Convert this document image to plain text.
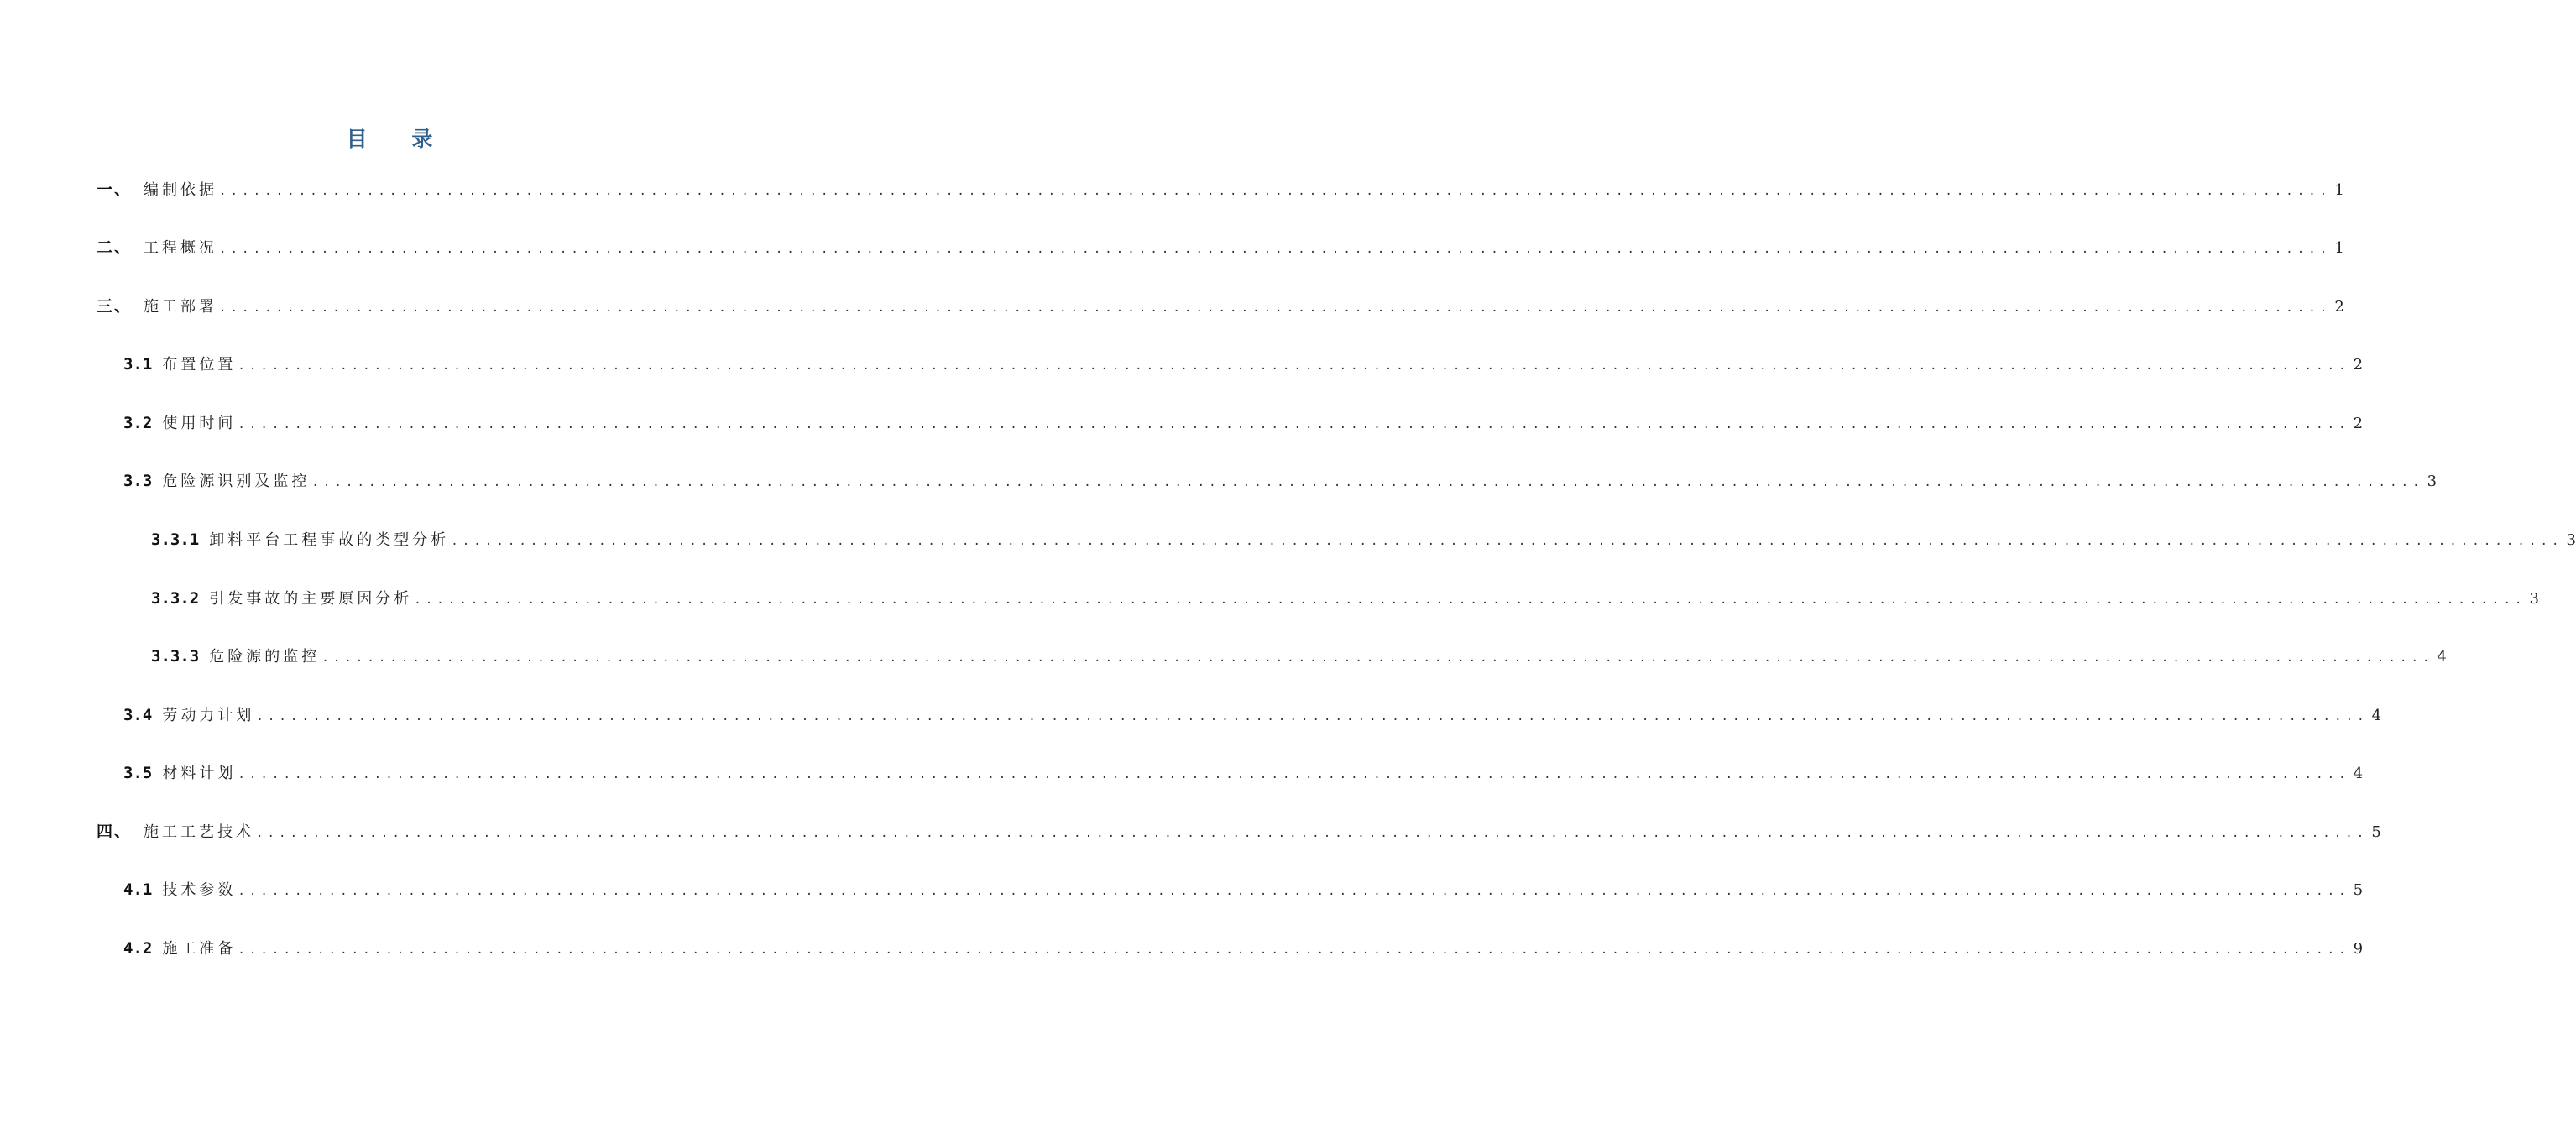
目 录
一、 编制依据 .......................................................................................................................................................................................... 1
二、 工程概况 .......................................................................................................................................................................................... 1
三、 施工部署 .......................................................................................................................................................................................... 2
3.1 布置位置 .......................................................................................................................................................................................... 2
3.2 使用时间 .......................................................................................................................................................................................... 2
3.3 危险源识别及监控 .......................................................................................................................................................................................... 3
3.3.1 卸料平台工程事故的类型分析 .......................................................................................................................................................................................... 3
3.3.2 引发事故的主要原因分析 .......................................................................................................................................................................................... 3
3.3.3 危险源的监控 .......................................................................................................................................................................................... 4
3.4 劳动力计划 .......................................................................................................................................................................................... 4
3.5 材料计划 .......................................................................................................................................................................................... 4
四、 施工工艺技术 .......................................................................................................................................................................................... 5
4.1 技术参数 .......................................................................................................................................................................................... 5
4.2 施工准备 .......................................................................................................................................................................................... 9
